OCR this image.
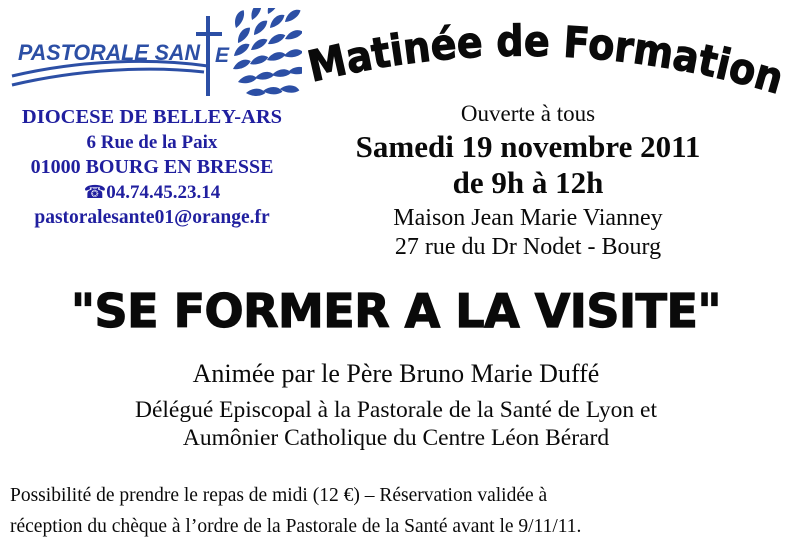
PASTORALE SAN E
DIOCESE DE BELLEY-ARS
6 Rue de la Paix
01000 BOURG EN BRESSE
☎04.74.45.23.14
pastoralesante01@orange.fr
Matinée de Formation
Ouverte à tous
Samedi 19 novembre 2011
de 9h à 12h
Maison Jean Marie Vianney
27 rue du Dr Nodet - Bourg
"SE FORMER A LA VISITE"
Animée par le Père Bruno Marie Duffé
Délégué Episcopal à la Pastorale de la Santé de Lyon et
Aumônier Catholique du Centre Léon Bérard
Possibilité de prendre le repas de midi (12 €) – Réservation validée à
réception du chèque à l’ordre de la Pastorale de la Santé avant le 9/11/11.
